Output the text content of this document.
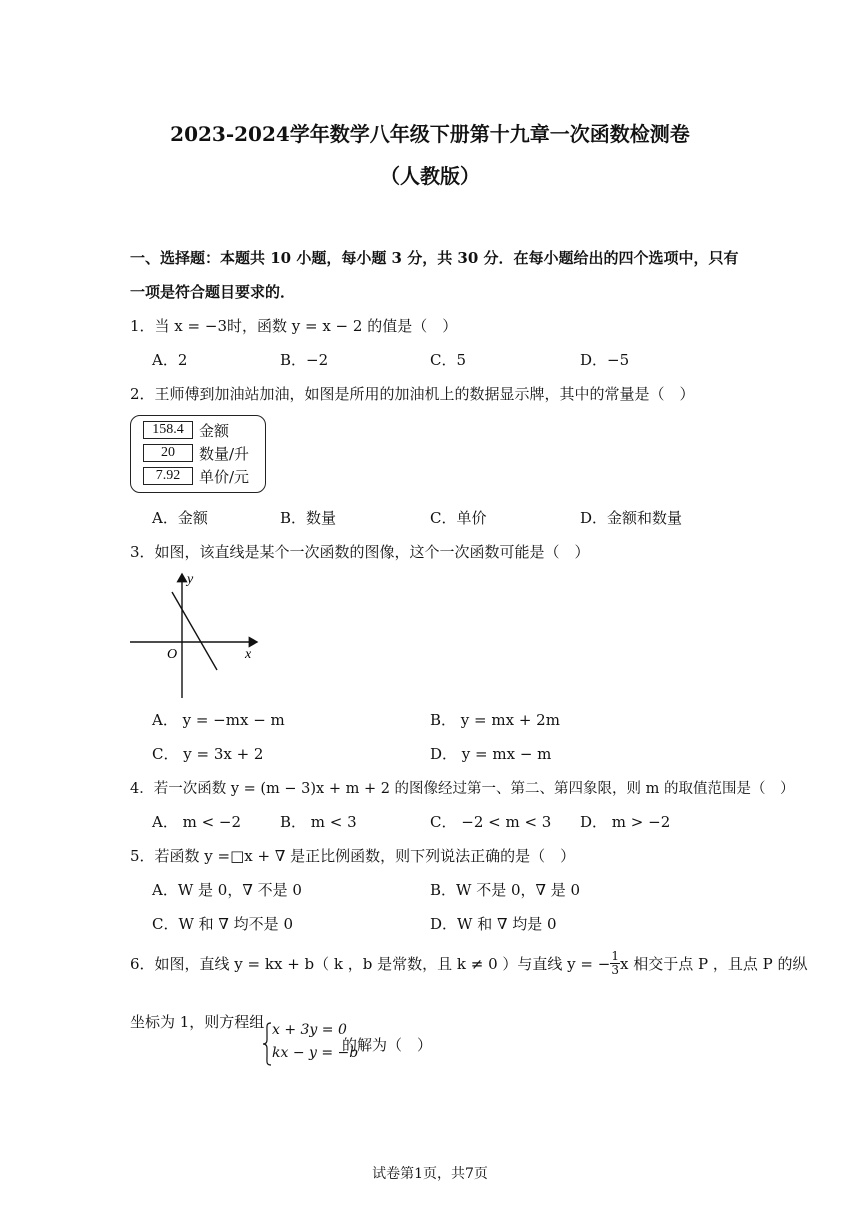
2023-2024学年数学八年级下册第十九章一次函数检测卷
（人教版）
一、选择题：本题共 10 小题，每小题 3 分，共 30 分．在每小题给出的四个选项中，只有
一项是符合题目要求的．
1．当 x = −3时，函数 y = x − 2 的值是（　）
A．2	B．−2	C．5	D．−5
2．王师傅到加油站加油，如图是所用的加油机上的数据显示牌，其中的常量是（　）
158.4	金额
20	数量/升
7.92	单价/元
A．金额	B．数量	C．单价	D．金额和数量
3．如图，该直线是某个一次函数的图像，这个一次函数可能是（　）
y
x
O
A． y = −mx − m	B． y = mx + 2m
C． y = 3x + 2	D． y = mx − m
4．若一次函数 y = (m − 3)x + m + 2 的图像经过第一、第二、第四象限，则 m 的取值范围是（　）
A． m < −2	B． m < 3	C． −2 < m < 3 D． m > −2
5．若函数 y =□x + ∇ 是正比例函数，则下列说法正确的是（　）
A．W 是 0，∇ 不是 0	B．W 不是 0，∇ 是 0
C．W 和 ∇ 均不是 0	D．W 和 ∇ 均是 0
6．如图，直线 y = kx + b（ k ，b 是常数，且 k ≠ 0 ）与直线 y = − $\frac{1}{3}$ x 相交于点 P ，且点 P 的纵
坐标为 1，则方程组 x + 3y = 0
kx − y = −b
的解为（　）
试卷第1页，共7页
